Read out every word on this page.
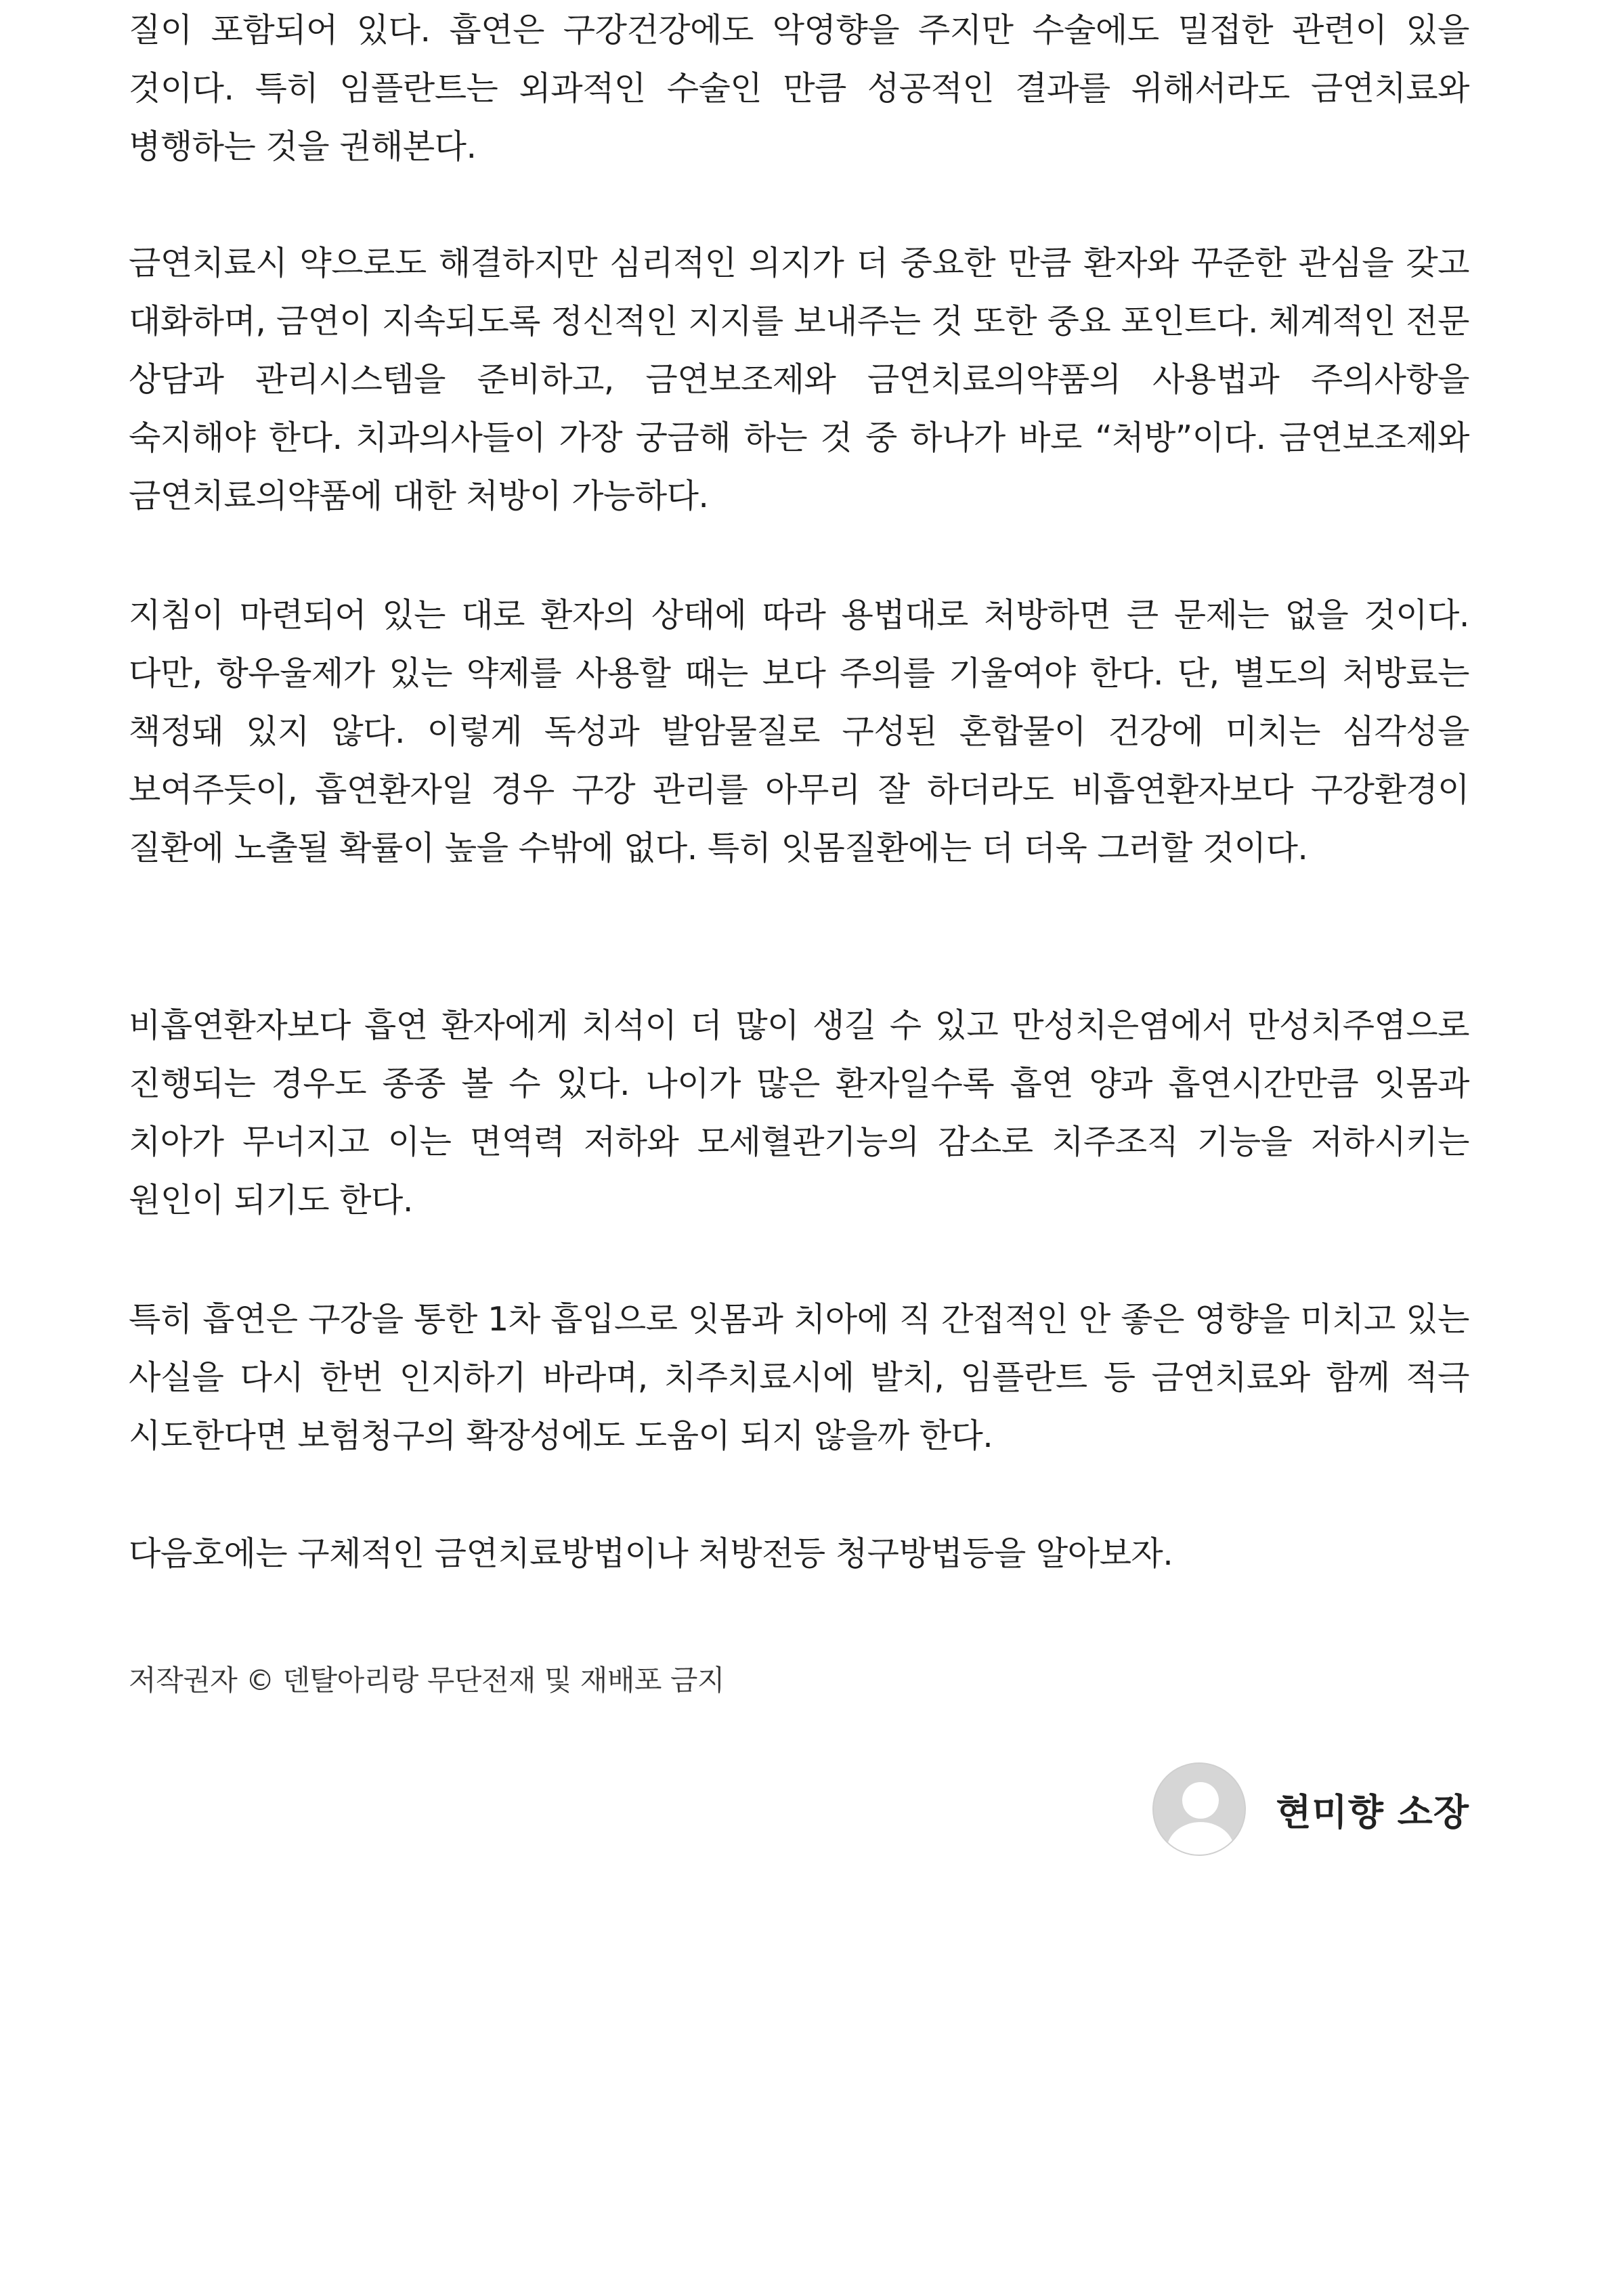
질이 포함되어 있다. 흡연은 구강건강에도 악영향을 주지만 수술에도 밀접한 관련이 있을 것이다. 특히 임플란트는 외과적인 수술인 만큼 성공적인 결과를 위해서라도 금연치료와 병행하는 것을 권해본다.

금연치료시 약으로도 해결하지만 심리적인 의지가 더 중요한 만큼 환자와 꾸준한 관심을 갖고 대화하며, 금연이 지속되도록 정신적인 지지를 보내주는 것 또한 중요 포인트다. 체계적인 전문 상담과 관리시스템을 준비하고, 금연보조제와 금연치료의약품의 사용법과 주의사항을 숙지해야 한다. 치과의사들이 가장 궁금해 하는 것 중 하나가 바로 “처방”이다. 금연보조제와 금연치료의약품에 대한 처방이 가능하다.

지침이 마련되어 있는 대로 환자의 상태에 따라 용법대로 처방하면 큰 문제는 없을 것이다. 다만, 항우울제가 있는 약제를 사용할 때는 보다 주의를 기울여야 한다. 단, 별도의 처방료는 책정돼 있지 않다. 이렇게 독성과 발암물질로 구성된 혼합물이 건강에 미치는 심각성을 보여주듯이, 흡연환자일 경우 구강 관리를 아무리 잘 하더라도 비흡연환자보다 구강환경이 질환에 노출될 확률이 높을 수밖에 없다. 특히 잇몸질환에는 더 더욱 그러할 것이다.

비흡연환자보다 흡연 환자에게 치석이 더 많이 생길 수 있고 만성치은염에서 만성치주염으로 진행되는 경우도 종종 볼 수 있다. 나이가 많은 환자일수록 흡연 양과 흡연시간만큼 잇몸과 치아가 무너지고 이는 면역력 저하와 모세혈관기능의 감소로 치주조직 기능을 저하시키는 원인이 되기도 한다.

특히 흡연은 구강을 통한 1차 흡입으로 잇몸과 치아에 직 간접적인 안 좋은 영향을 미치고 있는 사실을 다시 한번 인지하기 바라며, 치주치료시에 발치, 임플란트 등 금연치료와 함께 적극 시도한다면 보험청구의 확장성에도 도움이 되지 않을까 한다.

다음호에는 구체적인 금연치료방법이나 처방전등 청구방법등을 알아보자.

저작권자 © 덴탈아리랑 무단전재 및 재배포 금지
현미향 소장
